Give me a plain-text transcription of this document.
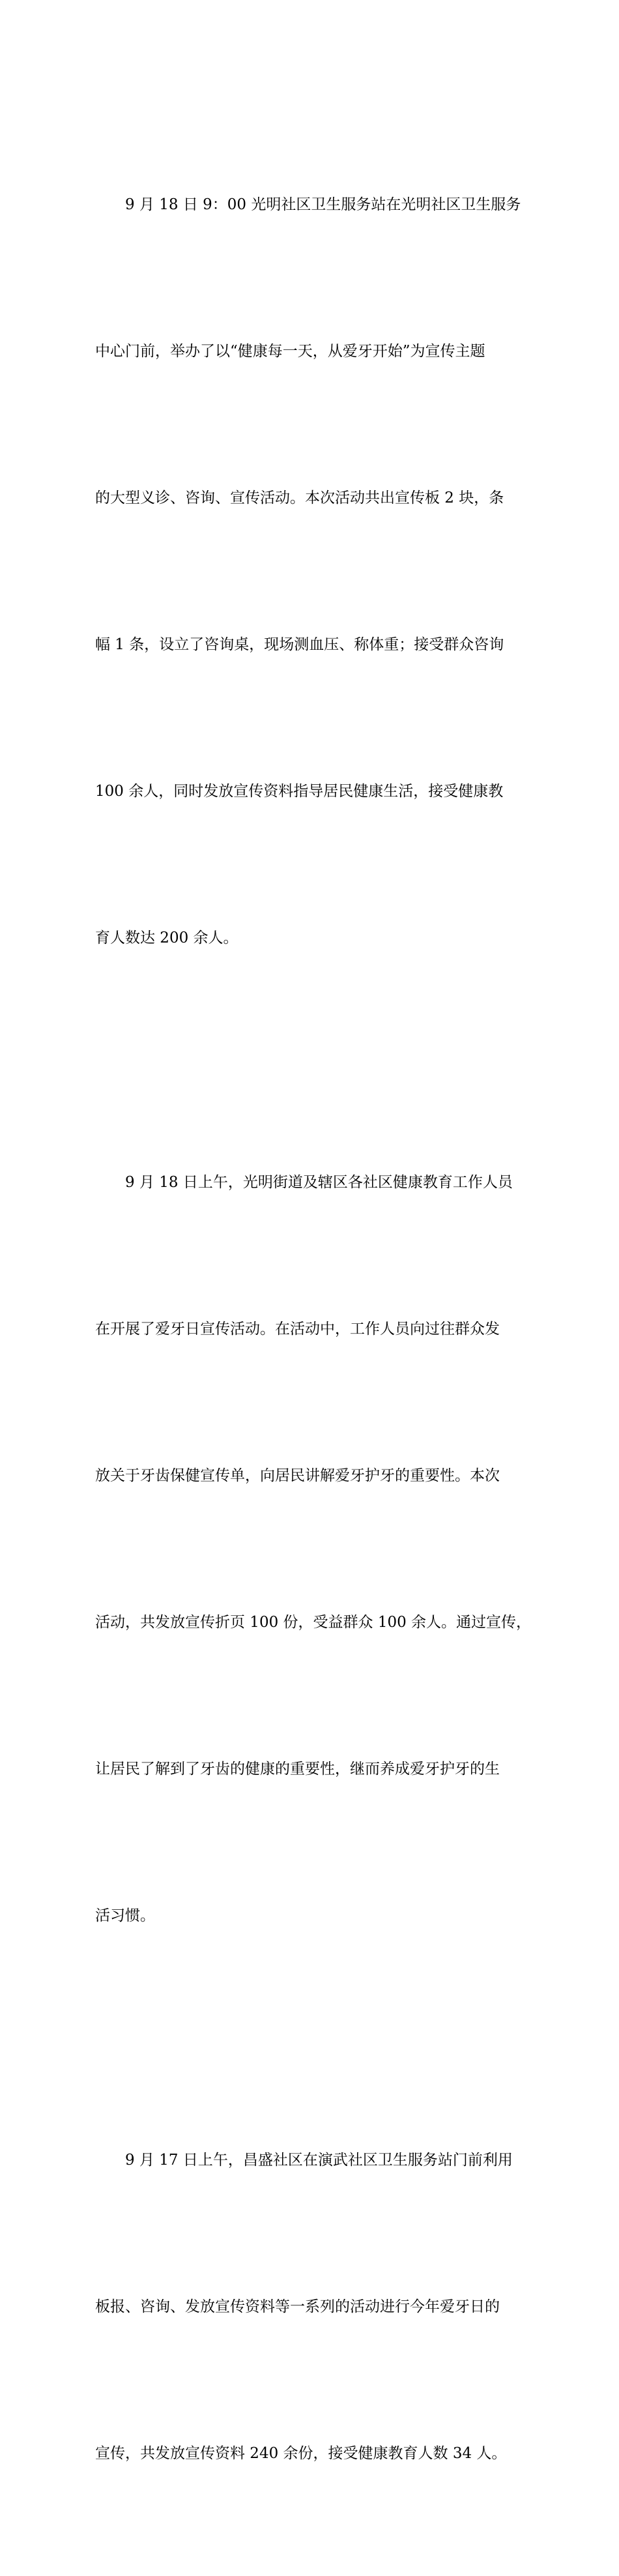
9 月 18 日 9：00 光明社区卫生服务站在光明社区卫生服务

中心门前，举办了以“健康每一天，从爱牙开始”为宣传主题

的大型义诊、咨询、宣传活动。本次活动共出宣传板 2 块，条

幅 1 条，设立了咨询桌，现场测血压、称体重；接受群众咨询

100 余人，同时发放宣传资料指导居民健康生活，接受健康教

育人数达 200 余人。

9 月 18 日上午，光明街道及辖区各社区健康教育工作人员

在开展了爱牙日宣传活动。在活动中，工作人员向过往群众发

放关于牙齿保健宣传单，向居民讲解爱牙护牙的重要性。本次

活动，共发放宣传折页 100 份，受益群众 100 余人。通过宣传，

让居民了解到了牙齿的健康的重要性，继而养成爱牙护牙的生

活习惯。

9 月 17 日上午，昌盛社区在演武社区卫生服务站门前利用

板报、咨询、发放宣传资料等一系列的活动进行今年爱牙日的

宣传，共发放宣传资料 240 余份，接受健康教育人数 34 人。
